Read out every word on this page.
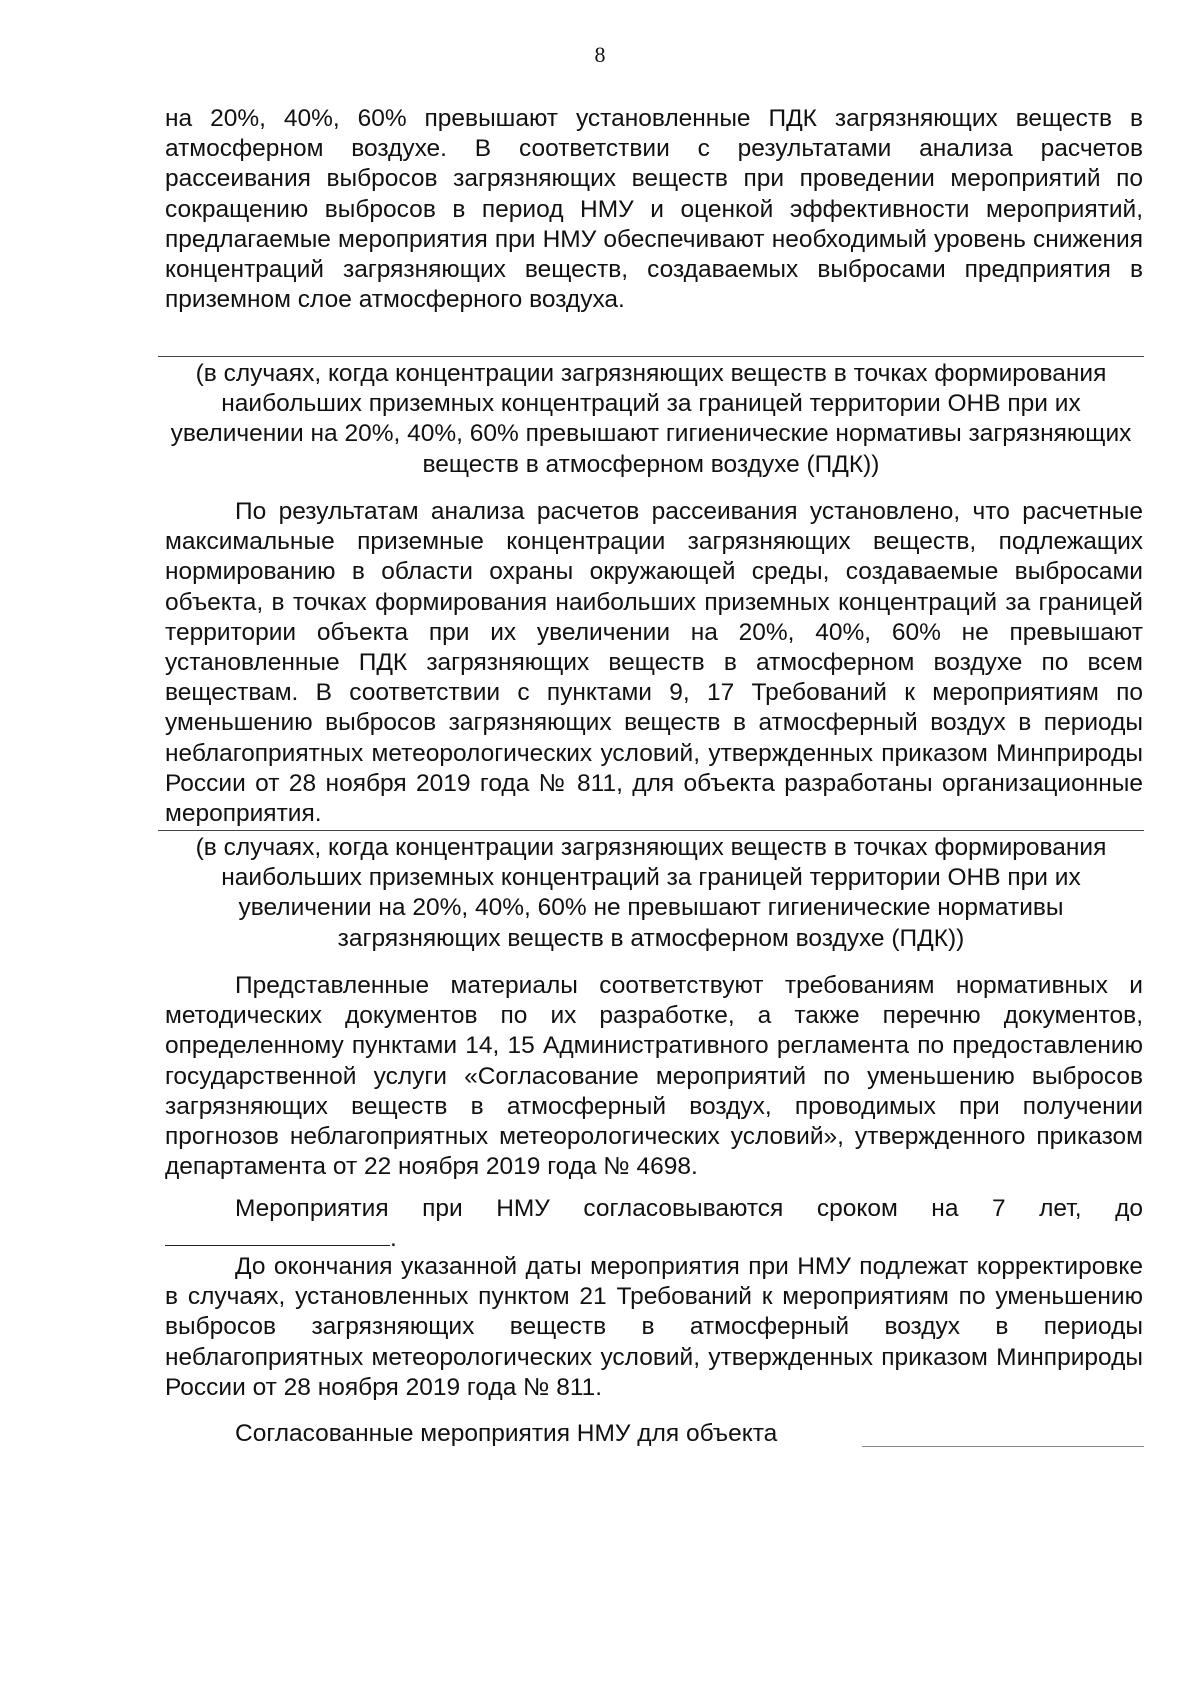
8

на 20%, 40%, 60% превышают установленные ПДК загрязняющих веществ в атмосферном воздухе. В соответствии с результатами анализа расчетов рассеивания выбросов загрязняющих веществ при проведении мероприятий по сокращению выбросов в период НМУ и оценкой эффективности мероприятий, предлагаемые мероприятия при НМУ обеспечивают необходимый уровень снижения концентраций загрязняющих веществ, создаваемых выбросами предприятия в приземном слое атмосферного воздуха.

(в случаях, когда концентрации загрязняющих веществ в точках формирования наибольших приземных концентраций за границей территории ОНВ при их увеличении на 20%, 40%, 60% превышают гигиенические нормативы загрязняющих веществ в атмосферном воздухе (ПДК))

По результатам анализа расчетов рассеивания установлено, что расчетные максимальные приземные концентрации загрязняющих веществ, подлежащих нормированию в области охраны окружающей среды, создаваемые выбросами объекта, в точках формирования наибольших приземных концентраций за границей территории объекта при их увеличении на 20%, 40%, 60% не превышают установленные ПДК загрязняющих веществ в атмосферном воздухе по всем веществам. В соответствии с пунктами 9, 17 Требований к мероприятиям по уменьшению выбросов загрязняющих веществ в атмосферный воздух в периоды неблагоприятных метеорологических условий, утвержденных приказом Минприроды России от 28 ноября 2019 года № 811, для объекта разработаны организационные мероприятия.

(в случаях, когда концентрации загрязняющих веществ в точках формирования наибольших приземных концентраций за границей территории ОНВ при их увеличении на 20%, 40%, 60% не превышают гигиенические нормативы загрязняющих веществ в атмосферном воздухе (ПДК))

Представленные материалы соответствуют требованиям нормативных и методических документов по их разработке, а также перечню документов, определенному пунктами 14, 15 Административного регламента по предоставлению государственной услуги «Согласование мероприятий по уменьшению выбросов загрязняющих веществ в атмосферный воздух, проводимых при получении прогнозов неблагоприятных метеорологических условий», утвержденного приказом департамента от 22 ноября 2019 года № 4698.

Мероприятия при НМУ согласовываются сроком на 7 лет, до
.

До окончания указанной даты мероприятия при НМУ подлежат корректировке в случаях, установленных пунктом 21 Требований к мероприятиям по уменьшению выбросов загрязняющих веществ в атмосферный воздух в периоды неблагоприятных метеорологических условий, утвержденных приказом Минприроды России от 28 ноября 2019 года № 811.

Согласованные мероприятия НМУ для объекта
